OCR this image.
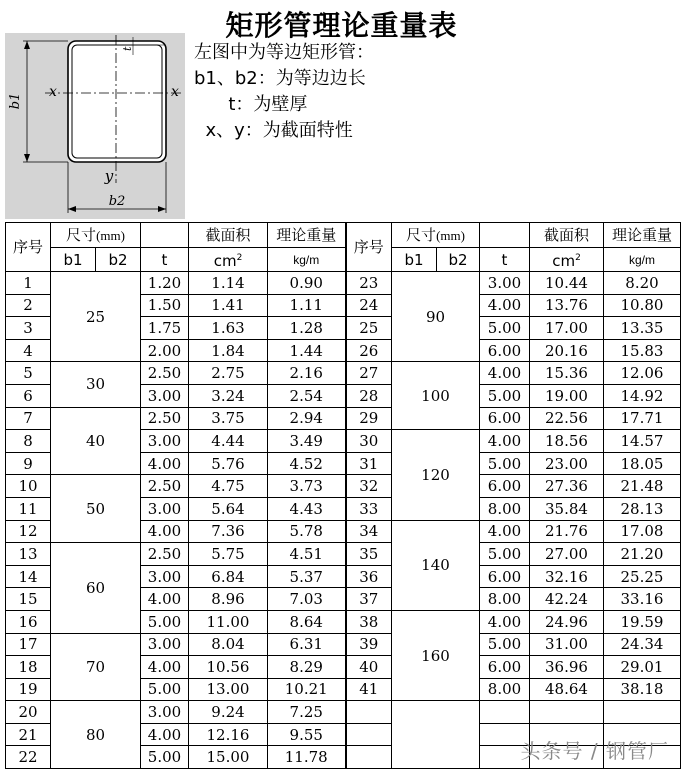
矩形管理论重量表
b1
b2
t
x	x
y
左图中为等边矩形管：
b1、b2：为等边边长
t：为壁厚
x、y：为截面特性
序号	尺寸(mm)			截面积	理论重量	序号	尺寸(mm)			截面积	理论重量
	b1	b2	t	$cm^2$	kg/m		b1	b2	t	$cm^2$	kg/m
1	25		1.20	1.14	0.90	23	90		3.00	10.44	8.20
2			1.50	1.41	1.11	24			4.00	13.76	10.80
3			1.75	1.63	1.28	25			5.00	17.00	13.35
4			2.00	1.84	1.44	26			6.00	20.16	15.83
5	30		2.50	2.75	2.16	27	100		4.00	15.36	12.06
6			3.00	3.24	2.54	28			5.00	19.00	14.92
7	40		2.50	3.75	2.94	29			6.00	22.56	17.71
8			3.00	4.44	3.49	30	120		4.00	18.56	14.57
9			4.00	5.76	4.52	31			5.00	23.00	18.05
10	50		2.50	4.75	3.73	32			6.00	27.36	21.48
11			3.00	5.64	4.43	33			8.00	35.84	28.13
12			4.00	7.36	5.78	34	140		4.00	21.76	17.08
13	60		2.50	5.75	4.51	35			5.00	27.00	21.20
14			3.00	6.84	5.37	36			6.00	32.16	25.25
15			4.00	8.96	7.03	37			8.00	42.24	33.16
16			5.00	11.00	8.64	38	160		4.00	24.96	19.59
17	70		3.00	8.04	6.31	39			5.00	31.00	24.34
18			4.00	10.56	8.29	40			6.00	36.96	29.01
19			5.00	13.00	10.21	41			8.00	48.64	38.18
20	80		3.00	9.24	7.25						
21			4.00	12.16	9.55						
22			5.00	15.00	11.78							头条号 / 钢管厂
